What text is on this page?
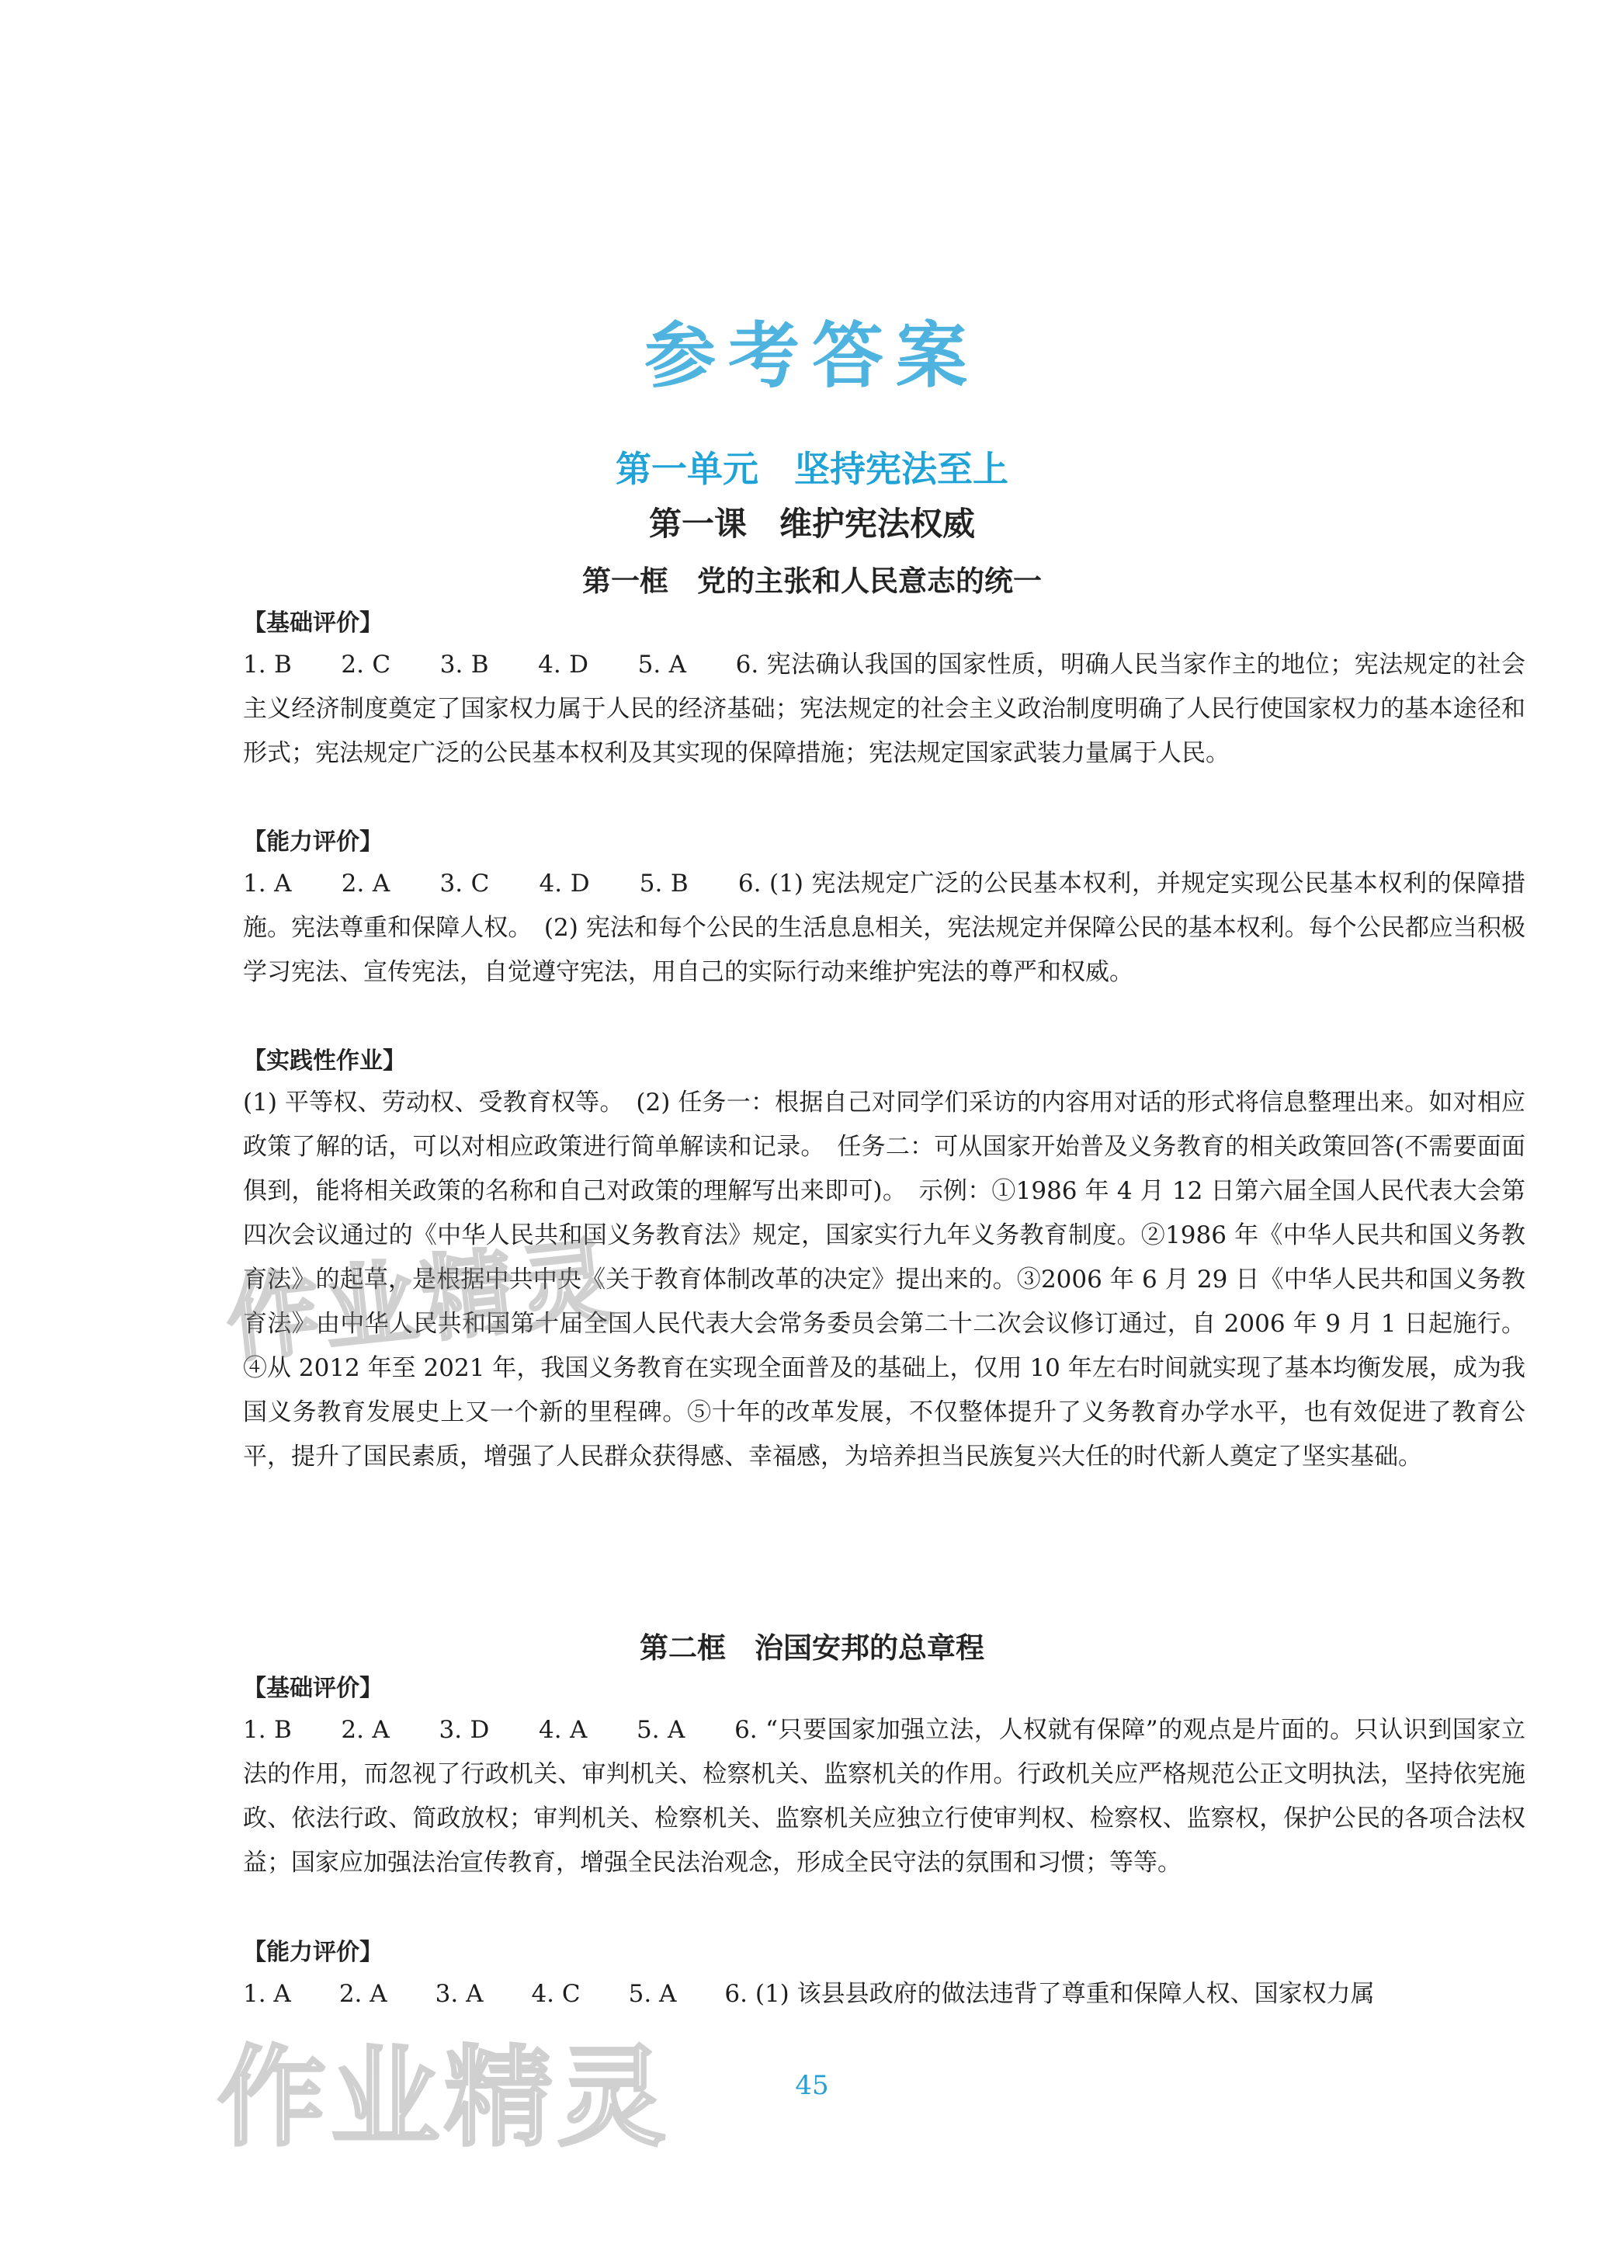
参考答案
第一单元　坚持宪法至上
第一课　维护宪法权威
第一框　党的主张和人民意志的统一

【基础评价】

1. B　　2. C　　3. B　　4. D　　5. A　　6. 宪法确认我国的国家性质，明确人民当家作主的地位；宪法规定的社会主义经济制度奠定了国家权力属于人民的经济基础；宪法规定的社会主义政治制度明确了人民行使国家权力的基本途径和形式；宪法规定广泛的公民基本权利及其实现的保障措施；宪法规定国家武装力量属于人民。

【能力评价】

1. A　　2. A　　3. C　　4. D　　5. B　　6. (1) 宪法规定广泛的公民基本权利，并规定实现公民基本权利的保障措施。宪法尊重和保障人权。　(2) 宪法和每个公民的生活息息相关，宪法规定并保障公民的基本权利。每个公民都应当积极学习宪法、宣传宪法，自觉遵守宪法，用自己的实际行动来维护宪法的尊严和权威。

【实践性作业】

(1) 平等权、劳动权、受教育权等。　(2) 任务一：根据自己对同学们采访的内容用对话的形式将信息整理出来。如对相应政策了解的话，可以对相应政策进行简单解读和记录。　任务二：可从国家开始普及义务教育的相关政策回答(不需要面面俱到，能将相关政策的名称和自己对政策的理解写出来即可)。　示例：①1986 年 4 月 12 日第六届全国人民代表大会第四次会议通过的《中华人民共和国义务教育法》规定，国家实行九年义务教育制度。②1986 年《中华人民共和国义务教育法》的起草，是根据中共中央《关于教育体制改革的决定》提出来的。③2006 年 6 月 29 日《中华人民共和国义务教育法》由中华人民共和国第十届全国人民代表大会常务委员会第二十二次会议修订通过，自 2006 年 9 月 1 日起施行。④从 2012 年至 2021 年，我国义务教育在实现全面普及的基础上，仅用 10 年左右时间就实现了基本均衡发展，成为我国义务教育发展史上又一个新的里程碑。⑤十年的改革发展，不仅整体提升了义务教育办学水平，也有效促进了教育公平，提升了国民素质，增强了人民群众获得感、幸福感，为培养担当民族复兴大任的时代新人奠定了坚实基础。

第二框　治国安邦的总章程

【基础评价】

1. B　　2. A　　3. D　　4. A　　5. A　　6. “只要国家加强立法，人权就有保障”的观点是片面的。只认识到国家立法的作用，而忽视了行政机关、审判机关、检察机关、监察机关的作用。行政机关应严格规范公正文明执法，坚持依宪施政、依法行政、简政放权；审判机关、检察机关、监察机关应独立行使审判权、检察权、监察权，保护公民的各项合法权益；国家应加强法治宣传教育，增强全民法治观念，形成全民守法的氛围和习惯；等等。

【能力评价】

1. A　　2. A　　3. A　　4. C　　5. A　　6. (1) 该县县政府的做法违背了尊重和保障人权、国家权力属

作业精灵
作业精灵	45
